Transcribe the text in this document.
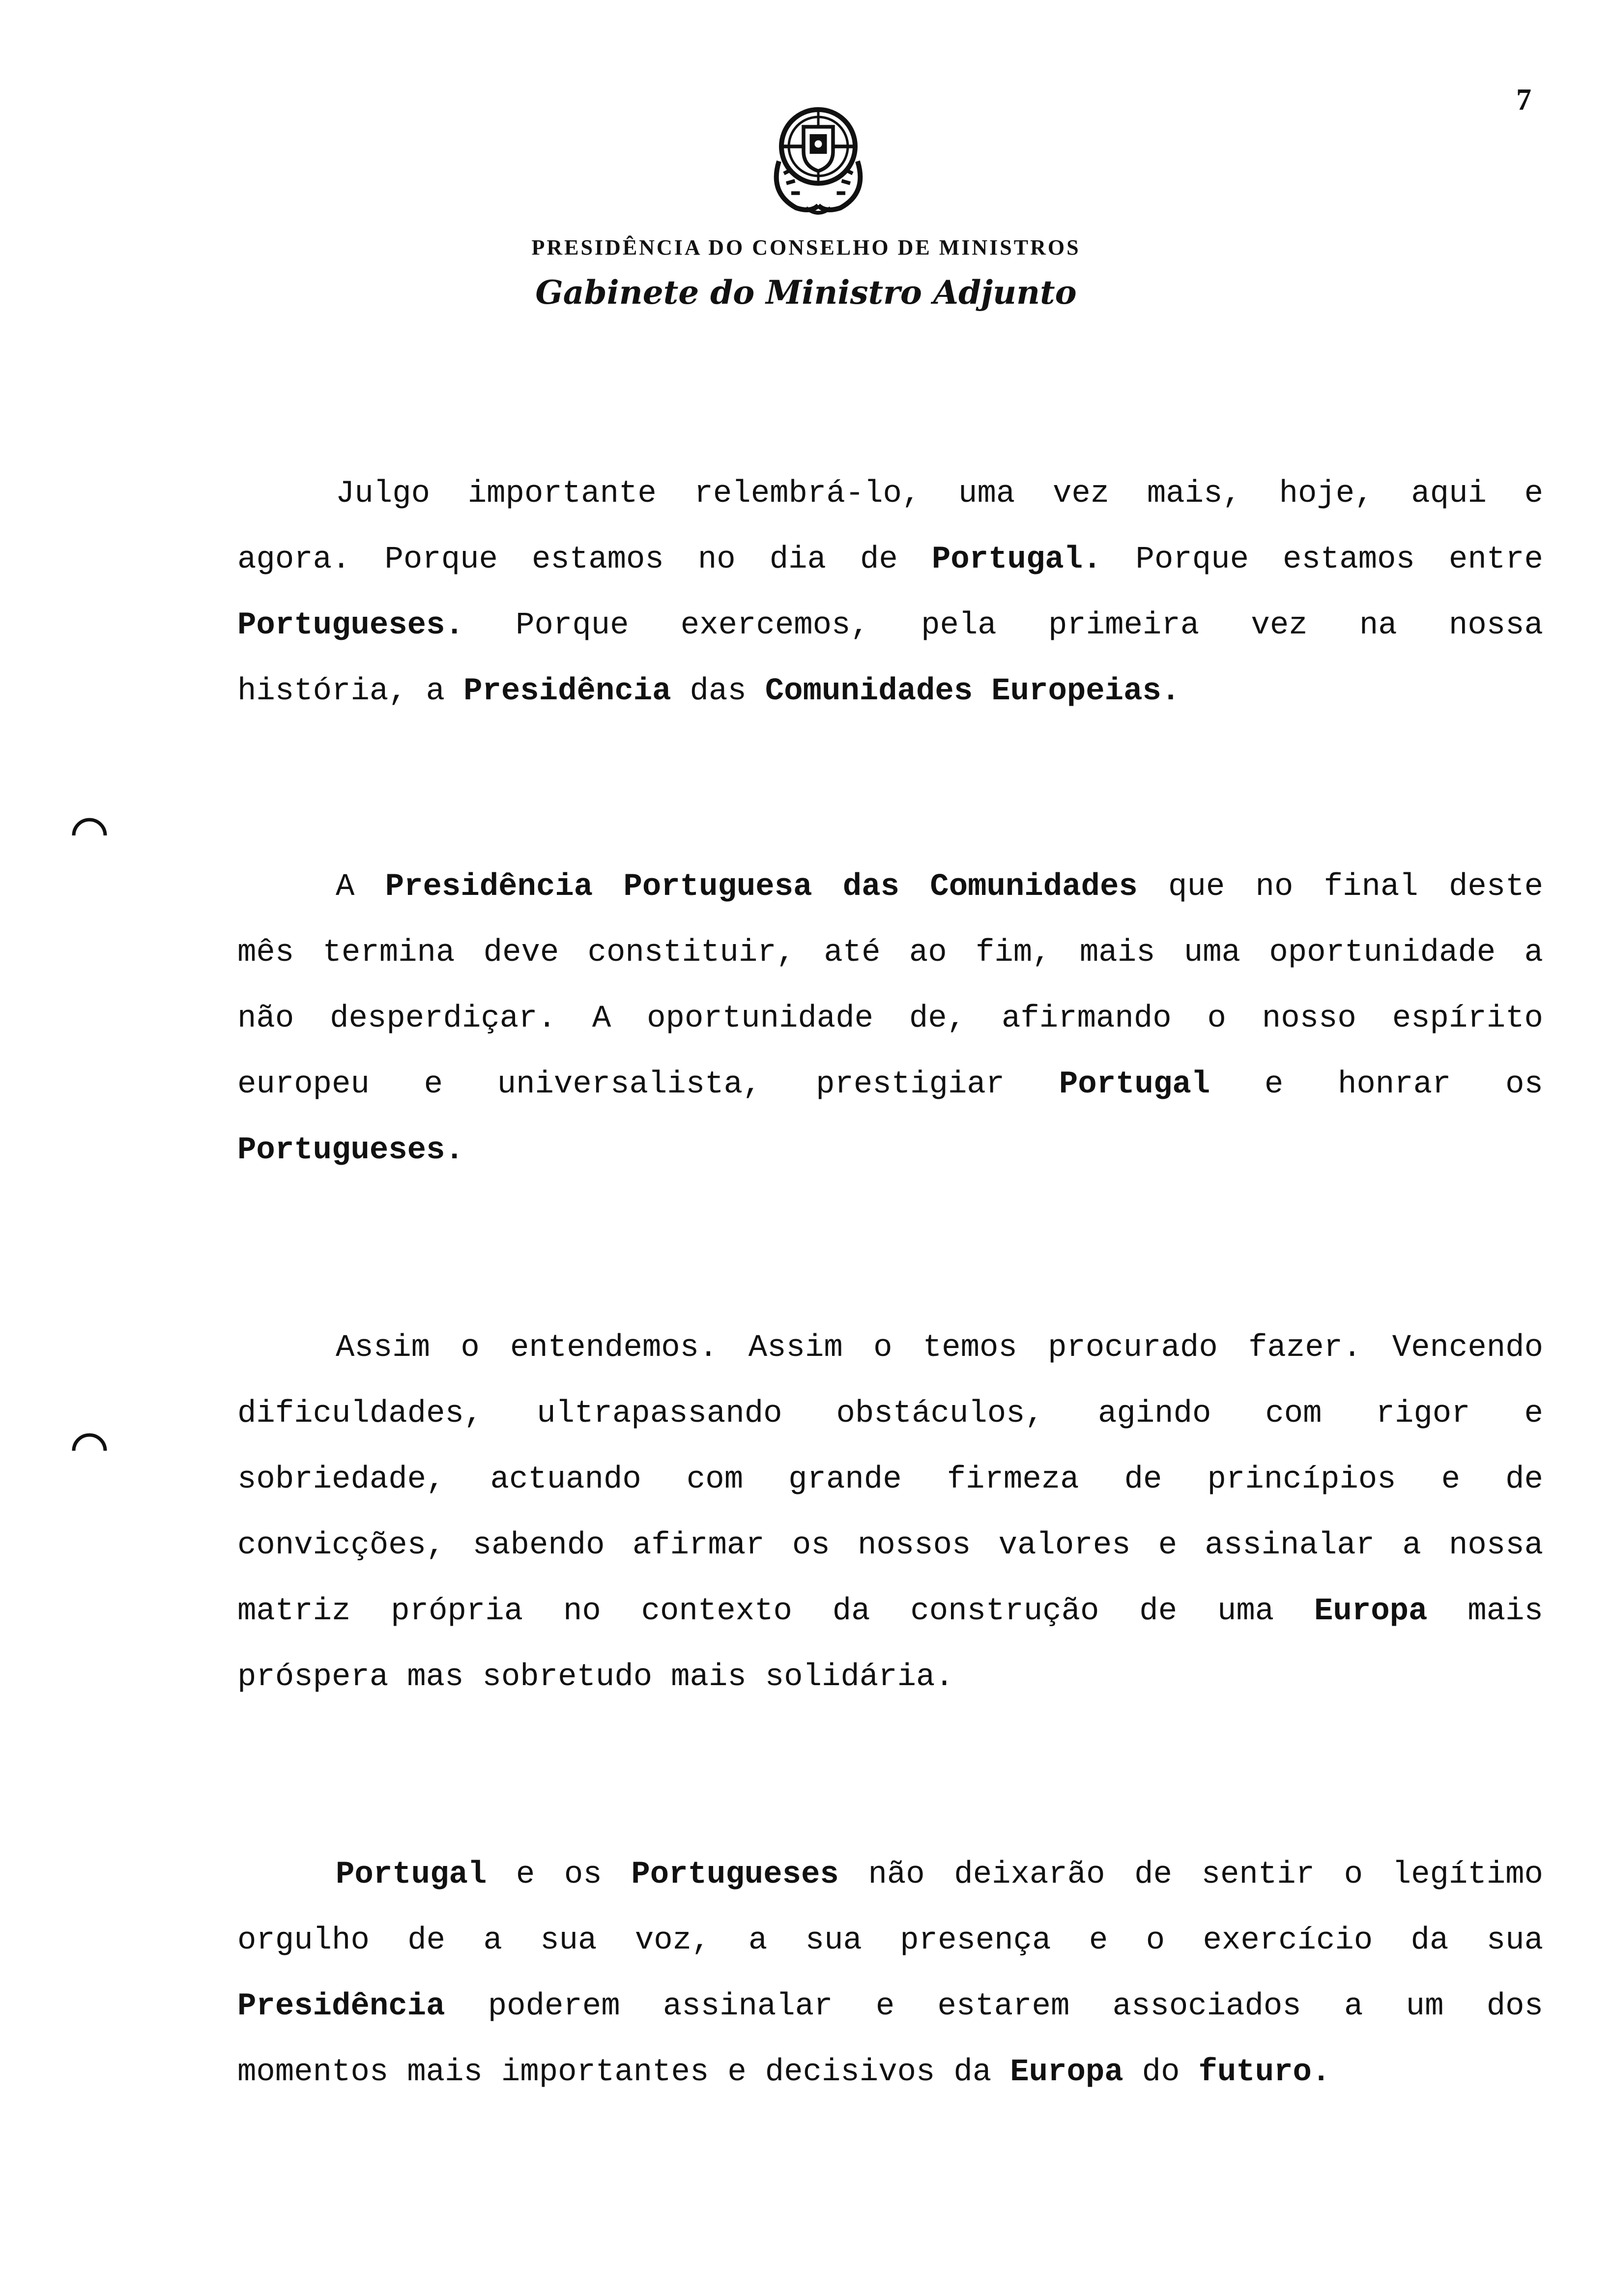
7
PRESIDÊNCIA DO CONSELHO DE MINISTROS
Gabinete do Ministro Adjunto
Julgo importante relembrá-lo, uma vez mais, hoje, aqui e
agora. Porque estamos no dia de Portugal. Porque estamos entre
Portugueses. Porque exercemos, pela primeira vez na nossa
história, a Presidência das Comunidades Europeias.
A Presidência Portuguesa das Comunidades que no final deste
mês termina deve constituir, até ao fim, mais uma oportunidade a
não desperdiçar. A oportunidade de, afirmando o nosso espírito
europeu e universalista, prestigiar Portugal e honrar os
Portugueses.
Assim o entendemos. Assim o temos procurado fazer. Vencendo
dificuldades, ultrapassando obstáculos, agindo com rigor e
sobriedade, actuando com grande firmeza de princípios e de
convicções, sabendo afirmar os nossos valores e assinalar a nossa
matriz própria no contexto da construção de uma Europa mais
próspera mas sobretudo mais solidária.
Portugal e os Portugueses não deixarão de sentir o legítimo
orgulho de a sua voz, a sua presença e o exercício da sua
Presidência poderem assinalar e estarem associados a um dos
momentos mais importantes e decisivos da Europa do futuro.
